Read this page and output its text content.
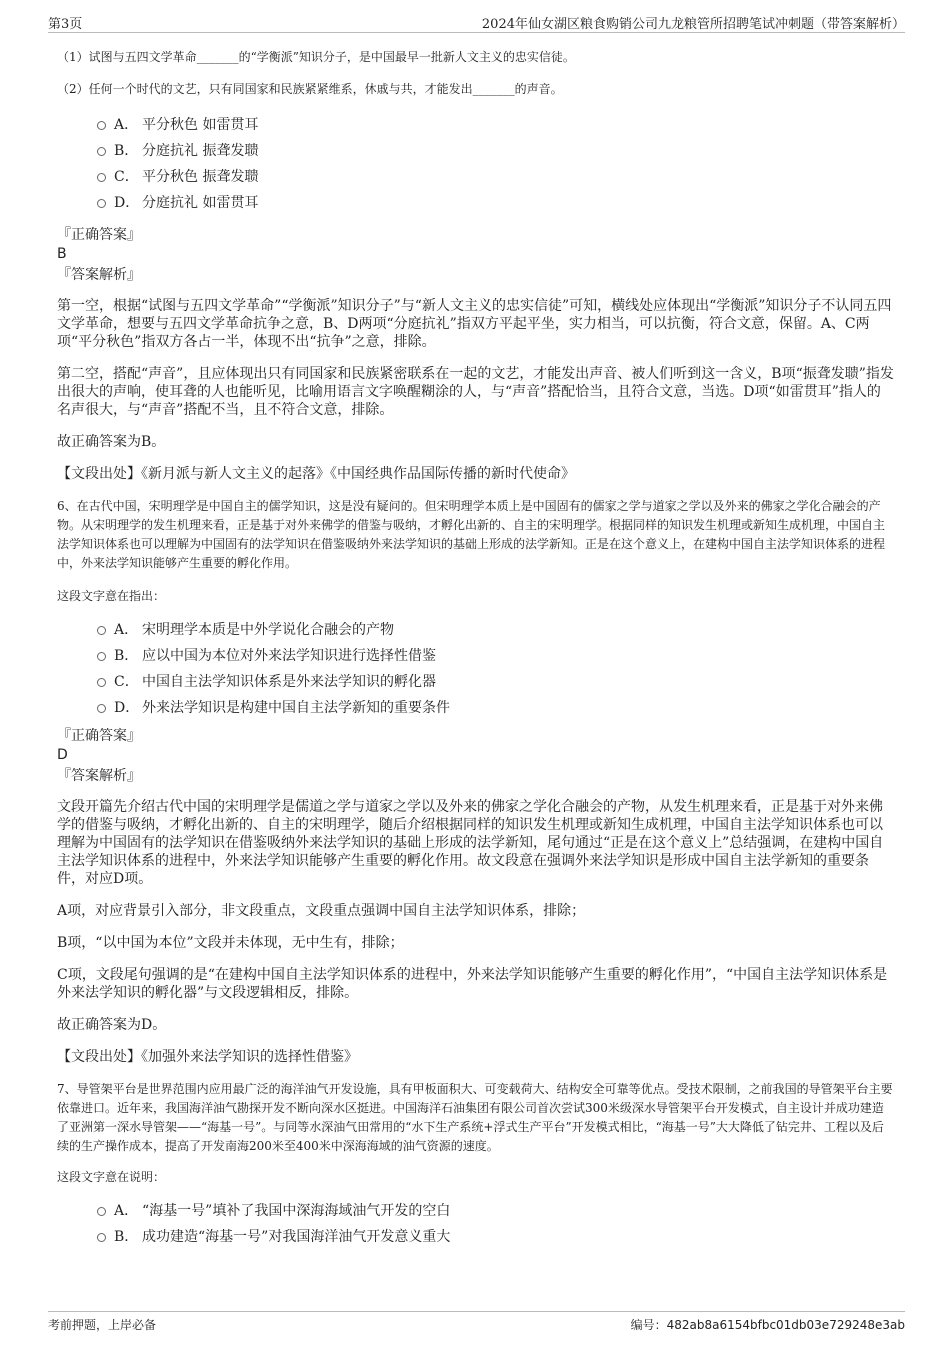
第3页	2024年仙女湖区粮食购销公司九龙粮管所招聘笔试冲刺题（带答案解析）

（1）试图与五四文学革命_______的“学衡派”知识分子，是中国最早一批新人文主义的忠实信徒。

（2）任何一个时代的文艺，只有同国家和民族紧紧维系，休戚与共，才能发出_______的声音。

A． 平分秋色 如雷贯耳
B． 分庭抗礼 振聋发聩
C． 平分秋色 振聋发聩
D． 分庭抗礼 如雷贯耳

『正确答案』

B

『答案解析』

第一空，根据“试图与五四文学革命”“学衡派”知识分子”与“新人文主义的忠实信徒”可知，横线处应体现出“学衡派”知识分子不认同五四文学革命，想要与五四文学革命抗争之意，B、D两项“分庭抗礼”指双方平起平坐，实力相当，可以抗衡，符合文意，保留。A、C两项“平分秋色”指双方各占一半，体现不出“抗争”之意，排除。

第二空，搭配“声音”，且应体现出只有同国家和民族紧密联系在一起的文艺，才能发出声音、被人们听到这一含义，B项“振聋发聩”指发出很大的声响，使耳聋的人也能听见，比喻用语言文字唤醒糊涂的人，与“声音”搭配恰当，且符合文意，当选。D项“如雷贯耳”指人的名声很大，与“声音”搭配不当，且不符合文意，排除。

故正确答案为B。

【文段出处】《新月派与新人文主义的起落》《中国经典作品国际传播的新时代使命》

6、在古代中国，宋明理学是中国自主的儒学知识，这是没有疑问的。但宋明理学本质上是中国固有的儒家之学与道家之学以及外来的佛家之学化合融会的产物。从宋明理学的发生机理来看，正是基于对外来佛学的借鉴与吸纳，才孵化出新的、自主的宋明理学。根据同样的知识发生机理或新知生成机理，中国自主法学知识体系也可以理解为中国固有的法学知识在借鉴吸纳外来法学知识的基础上形成的法学新知。正是在这个意义上，在建构中国自主法学知识体系的进程中，外来法学知识能够产生重要的孵化作用。

这段文字意在指出：

A． 宋明理学本质是中外学说化合融会的产物
B． 应以中国为本位对外来法学知识进行选择性借鉴
C． 中国自主法学知识体系是外来法学知识的孵化器
D． 外来法学知识是构建中国自主法学新知的重要条件

『正确答案』

D

『答案解析』

文段开篇先介绍古代中国的宋明理学是儒道之学与道家之学以及外来的佛家之学化合融会的产物，从发生机理来看，正是基于对外来佛学的借鉴与吸纳，才孵化出新的、自主的宋明理学，随后介绍根据同样的知识发生机理或新知生成机理，中国自主法学知识体系也可以理解为中国固有的法学知识在借鉴吸纳外来法学知识的基础上形成的法学新知，尾句通过“正是在这个意义上”总结强调，在建构中国自主法学知识体系的进程中，外来法学知识能够产生重要的孵化作用。故文段意在强调外来法学知识是形成中国自主法学新知的重要条件，对应D项。

A项，对应背景引入部分，非文段重点，文段重点强调中国自主法学知识体系，排除；

B项，“以中国为本位”文段并未体现，无中生有，排除；

C项，文段尾句强调的是“在建构中国自主法学知识体系的进程中，外来法学知识能够产生重要的孵化作用”，“中国自主法学知识体系是外来法学知识的孵化器”与文段逻辑相反，排除。

故正确答案为D。

【文段出处】《加强外来法学知识的选择性借鉴》

7、导管架平台是世界范围内应用最广泛的海洋油气开发设施，具有甲板面积大、可变载荷大、结构安全可靠等优点。受技术限制，之前我国的导管架平台主要依靠进口。近年来，我国海洋油气勘探开发不断向深水区挺进。中国海洋石油集团有限公司首次尝试300米级深水导管架平台开发模式，自主设计并成功建造了亚洲第一深水导管架——“海基一号”。与同等水深油气田常用的“水下生产系统+浮式生产平台”开发模式相比，“海基一号”大大降低了钻完井、工程以及后续的生产操作成本，提高了开发南海200米至400米中深海海域的油气资源的速度。

这段文字意在说明：

A． “海基一号”填补了我国中深海海域油气开发的空白
B． 成功建造“海基一号”对我国海洋油气开发意义重大
考前押题，上岸必备	编号：482ab8a6154bfbc01db03e729248e3ab
